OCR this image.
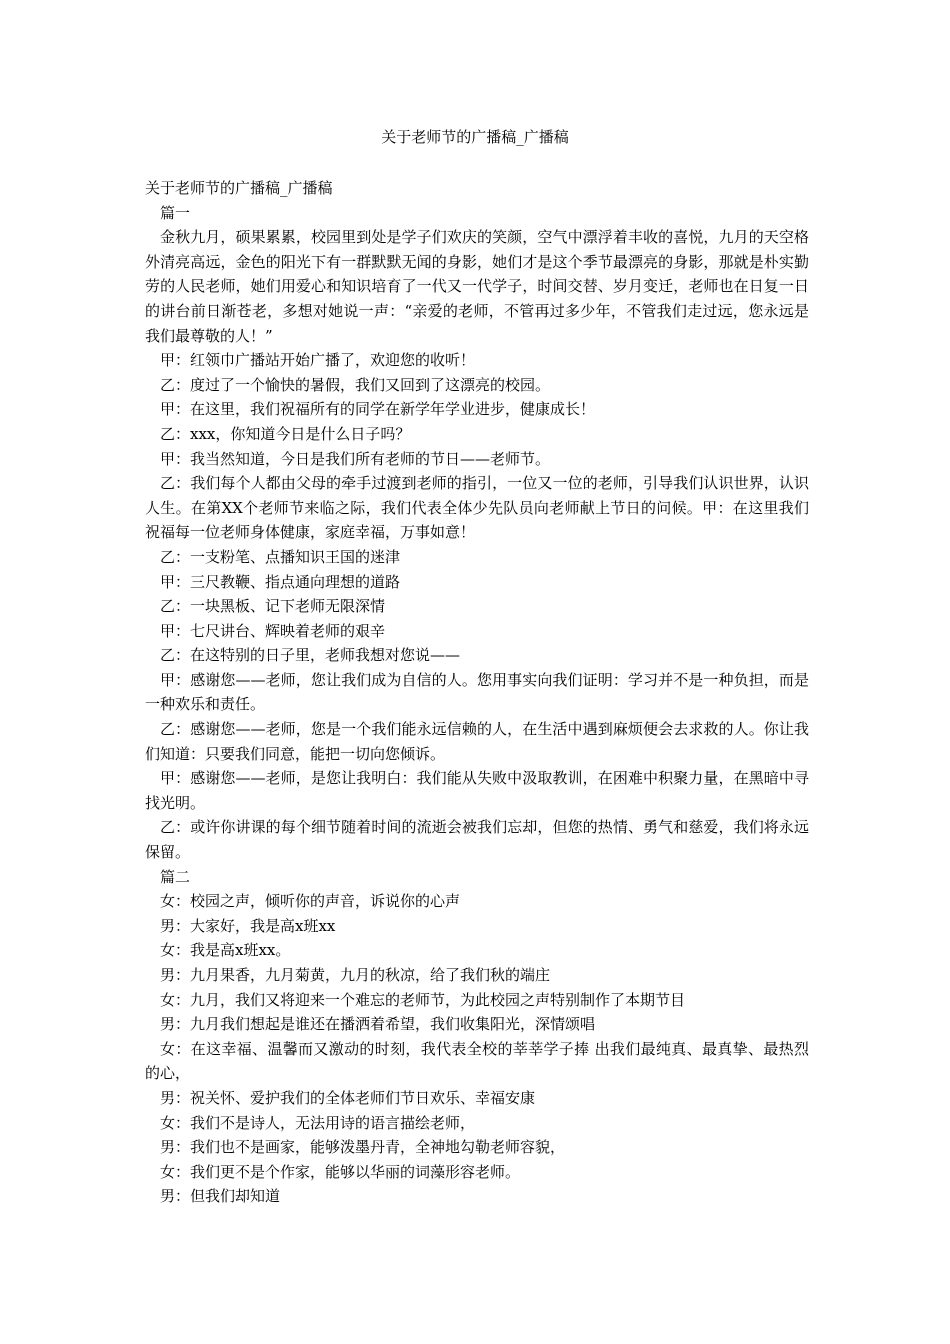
关于老师节的广播稿_广播稿

关于老师节的广播稿_广播稿

篇一

金秋九月，硕果累累，校园里到处是学子们欢庆的笑颜，空气中漂浮着丰收的喜悦，九月的天空格外清亮高远，金色的阳光下有一群默默无闻的身影，她们才是这个季节最漂亮的身影，那就是朴实勤劳的人民老师，她们用爱心和知识培育了一代又一代学子，时间交替、岁月变迁，老师也在日复一日的讲台前日渐苍老，多想对她说一声：“亲爱的老师，不管再过多少年，不管我们走过远，您永远是我们最尊敬的人！”

甲：红领巾广播站开始广播了，欢迎您的收听！

乙：度过了一个愉快的暑假，我们又回到了这漂亮的校园。

甲：在这里，我们祝福所有的同学在新学年学业进步，健康成长！

乙：xxx，你知道今日是什么日子吗？

甲：我当然知道，今日是我们所有老师的节日——老师节。

乙：我们每个人都由父母的牵手过渡到老师的指引，一位又一位的老师，引导我们认识世界，认识人生。在第XX个老师节来临之际，我们代表全体少先队员向老师献上节日的问候。甲：在这里我们祝福每一位老师身体健康，家庭幸福，万事如意！

乙：一支粉笔、点播知识王国的迷津

甲：三尺教鞭、指点通向理想的道路

乙：一块黑板、记下老师无限深情

甲：七尺讲台、辉映着老师的艰辛

乙：在这特别的日子里，老师我想对您说——

甲：感谢您——老师，您让我们成为自信的人。您用事实向我们证明：学习并不是一种负担，而是一种欢乐和责任。

乙：感谢您——老师，您是一个我们能永远信赖的人，在生活中遇到麻烦便会去求救的人。你让我们知道：只要我们同意，能把一切向您倾诉。

甲：感谢您——老师，是您让我明白：我们能从失败中汲取教训，在困难中积聚力量，在黑暗中寻找光明。

乙：或许你讲课的每个细节随着时间的流逝会被我们忘却，但您的热情、勇气和慈爱，我们将永远保留。

篇二

女：校园之声，倾听你的声音，诉说你的心声

男：大家好，我是高x班xx

女：我是高x班xx。

男：九月果香，九月菊黄，九月的秋凉，给了我们秋的端庄

女：九月，我们又将迎来一个难忘的老师节，为此校园之声特别制作了本期节目

男：九月我们想起是谁还在播洒着希望，我们收集阳光，深情颂唱

女：在这幸福、温馨而又激动的时刻，我代表全校的莘莘学子捧 出我们最纯真、最真挚、最热烈的心，

男：祝关怀、爱护我们的全体老师们节日欢乐、幸福安康

女：我们不是诗人，无法用诗的语言描绘老师，

男：我们也不是画家，能够泼墨丹青，全神地勾勒老师容貌，

女：我们更不是个作家，能够以华丽的词藻形容老师。

男：但我们却知道
